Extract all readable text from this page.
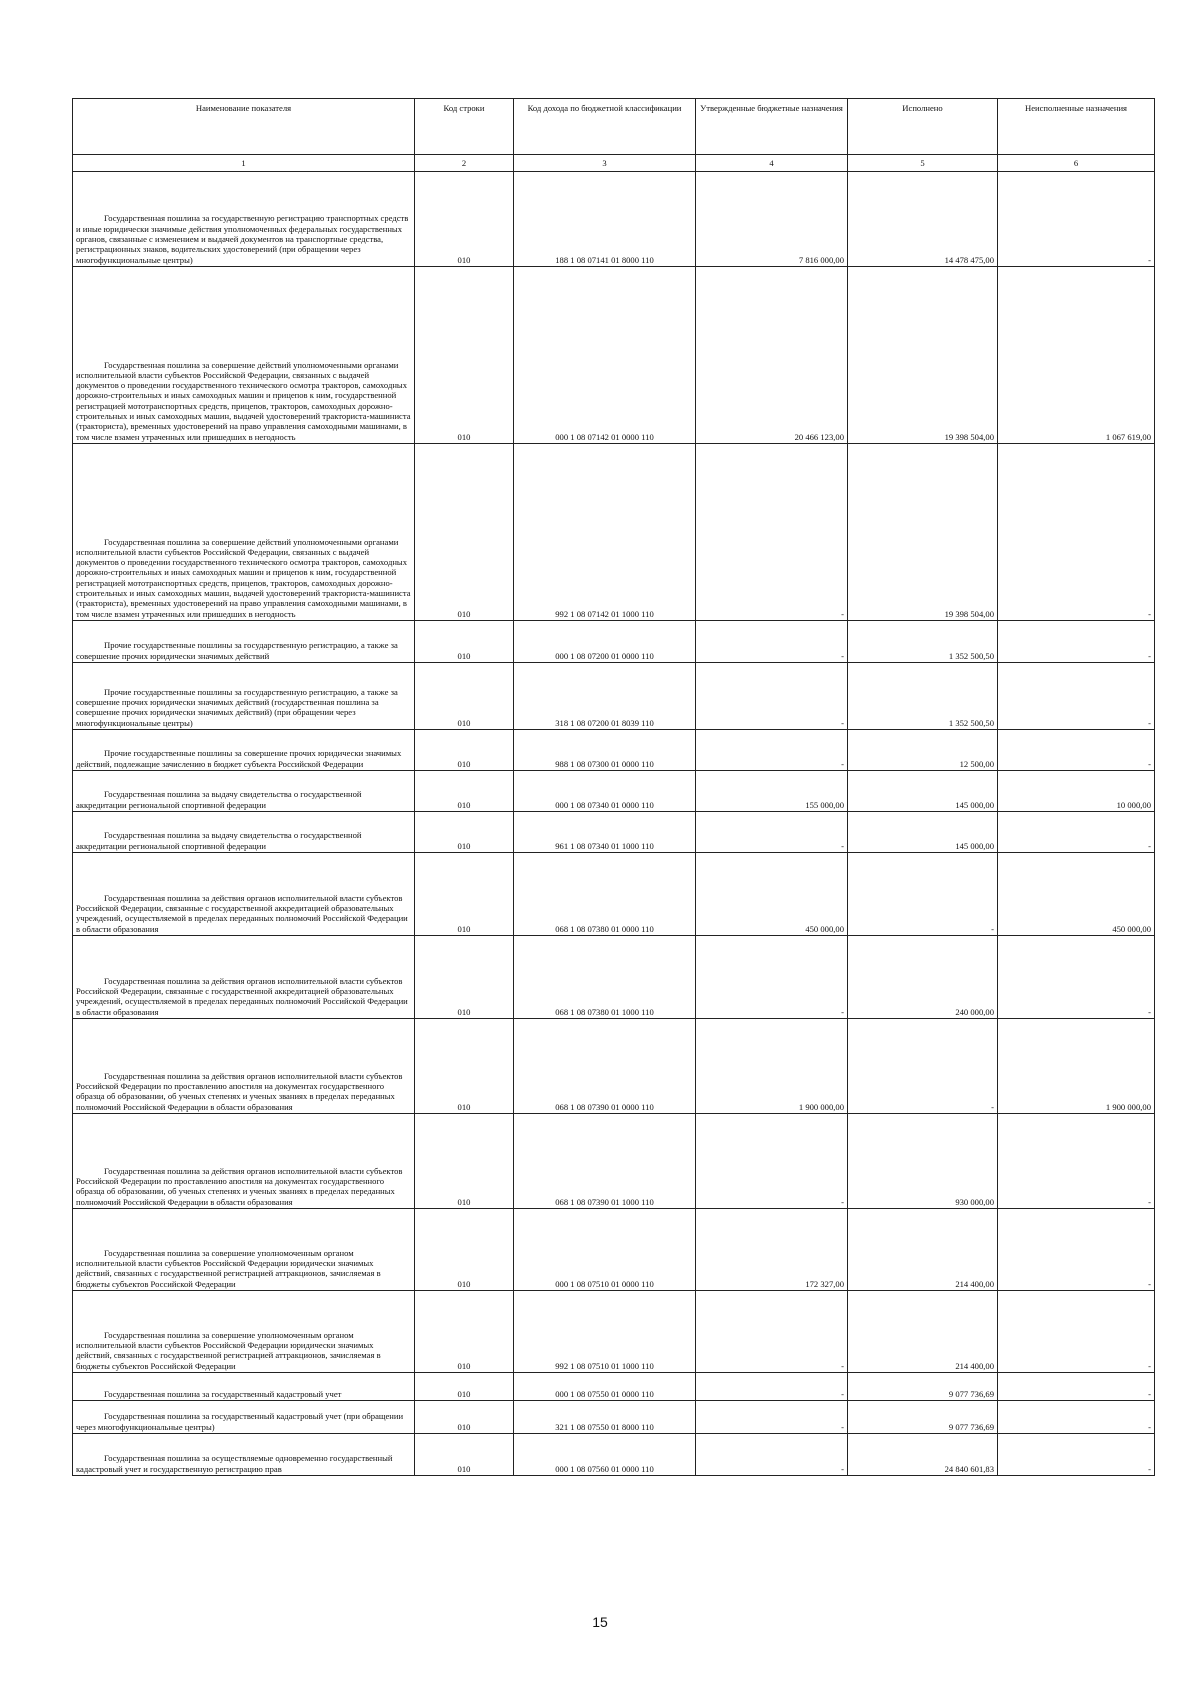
Наименование показателя	Код строки	Код дохода по бюджетной классификации	Утвержденные бюджетные назначения	Исполнено	Неисполненные назначения
1	2	3	4	5	6

Государственная пошлина за государственную регистрацию транспортных средств и иные юридически значимые действия уполномоченных федеральных государственных органов, связанные с изменением и выдачей документов на транспортные средства, регистрационных знаков, водительских удостоверений (при обращении через многофункциональные центры)	010	188 1 08 07141 01 8000 110	7 816 000,00	14 478 475,00	-

Государственная пошлина за совершение действий уполномоченными органами исполнительной власти субъектов Российской Федерации, связанных с выдачей документов о проведении государственного технического осмотра тракторов, самоходных дорожно-строительных и иных самоходных машин и прицепов к ним, государственной регистрацией мототранспортных средств, прицепов, тракторов, самоходных дорожно-строительных и иных самоходных машин, выдачей удостоверений тракториста-машиниста (тракториста), временных удостоверений на право управления самоходными машинами, в том числе взамен утраченных или пришедших в негодность	010	000 1 08 07142 01 0000 110	20 466 123,00	19 398 504,00	1 067 619,00

Государственная пошлина за совершение действий уполномоченными органами исполнительной власти субъектов Российской Федерации, связанных с выдачей документов о проведении государственного технического осмотра тракторов, самоходных дорожно-строительных и иных самоходных машин и прицепов к ним, государственной регистрацией мототранспортных средств, прицепов, тракторов, самоходных дорожно-строительных и иных самоходных машин, выдачей удостоверений тракториста-машиниста (тракториста), временных удостоверений на право управления самоходными машинами, в том числе взамен утраченных или пришедших в негодность	010	992 1 08 07142 01 1000 110	-	19 398 504,00	-

Прочие государственные пошлины за государственную регистрацию, а также за совершение прочих юридически значимых действий	010	000 1 08 07200 01 0000 110	-	1 352 500,50	-

Прочие государственные пошлины за государственную регистрацию, а также за совершение прочих юридически значимых действий (государственная пошлина за совершение прочих юридически значимых действий) (при обращении через многофункциональные центры)	010	318 1 08 07200 01 8039 110	-	1 352 500,50	-

Прочие государственные пошлины за совершение прочих юридически значимых действий, подлежащие зачислению в бюджет субъекта Российской Федерации	010	988 1 08 07300 01 0000 110	-	12 500,00	-

Государственная пошлина за выдачу свидетельства о государственной аккредитации региональной спортивной федерации	010	000 1 08 07340 01 0000 110	155 000,00	145 000,00	10 000,00

Государственная пошлина за выдачу свидетельства о государственной аккредитации региональной спортивной федерации	010	961 1 08 07340 01 1000 110	-	145 000,00	-

Государственная пошлина за действия органов исполнительной власти субъектов Российской Федерации, связанные с государственной аккредитацией образовательных учреждений, осуществляемой в пределах переданных полномочий Российской Федерации в области образования	010	068 1 08 07380 01 0000 110	450 000,00	-	450 000,00

Государственная пошлина за действия органов исполнительной власти субъектов Российской Федерации, связанные с государственной аккредитацией образовательных учреждений, осуществляемой в пределах переданных полномочий Российской Федерации в области образования	010	068 1 08 07380 01 1000 110	-	240 000,00	-

Государственная пошлина за действия органов исполнительной власти субъектов Российской Федерации по проставлению апостиля на документах государственного образца об образовании, об ученых степенях и ученых званиях в пределах переданных полномочий Российской Федерации в области образования	010	068 1 08 07390 01 0000 110	1 900 000,00	-	1 900 000,00

Государственная пошлина за действия органов исполнительной власти субъектов Российской Федерации по проставлению апостиля на документах государственного образца об образовании, об ученых степенях и ученых званиях в пределах переданных полномочий Российской Федерации в области образования	010	068 1 08 07390 01 1000 110	-	930 000,00	-

Государственная пошлина за совершение уполномоченным органом исполнительной власти субъектов Российской Федерации юридически значимых действий, связанных с государственной регистрацией аттракционов, зачисляемая в бюджеты субъектов Российской Федерации	010	000 1 08 07510 01 0000 110	172 327,00	214 400,00	-

Государственная пошлина за совершение уполномоченным органом исполнительной власти субъектов Российской Федерации юридически значимых действий, связанных с государственной регистрацией аттракционов, зачисляемая в бюджеты субъектов Российской Федерации	010	992 1 08 07510 01 1000 110	-	214 400,00	-

Государственная пошлина за государственный кадастровый учет	010	000 1 08 07550 01 0000 110	-	9 077 736,69	-

Государственная пошлина за государственный кадастровый учет (при обращении через многофункциональные центры)	010	321 1 08 07550 01 8000 110	-	9 077 736,69	-

Государственная пошлина за осуществляемые одновременно государственный кадастровый учет и государственную регистрацию прав	010	000 1 08 07560 01 0000 110	-	24 840 601,83	-
15
